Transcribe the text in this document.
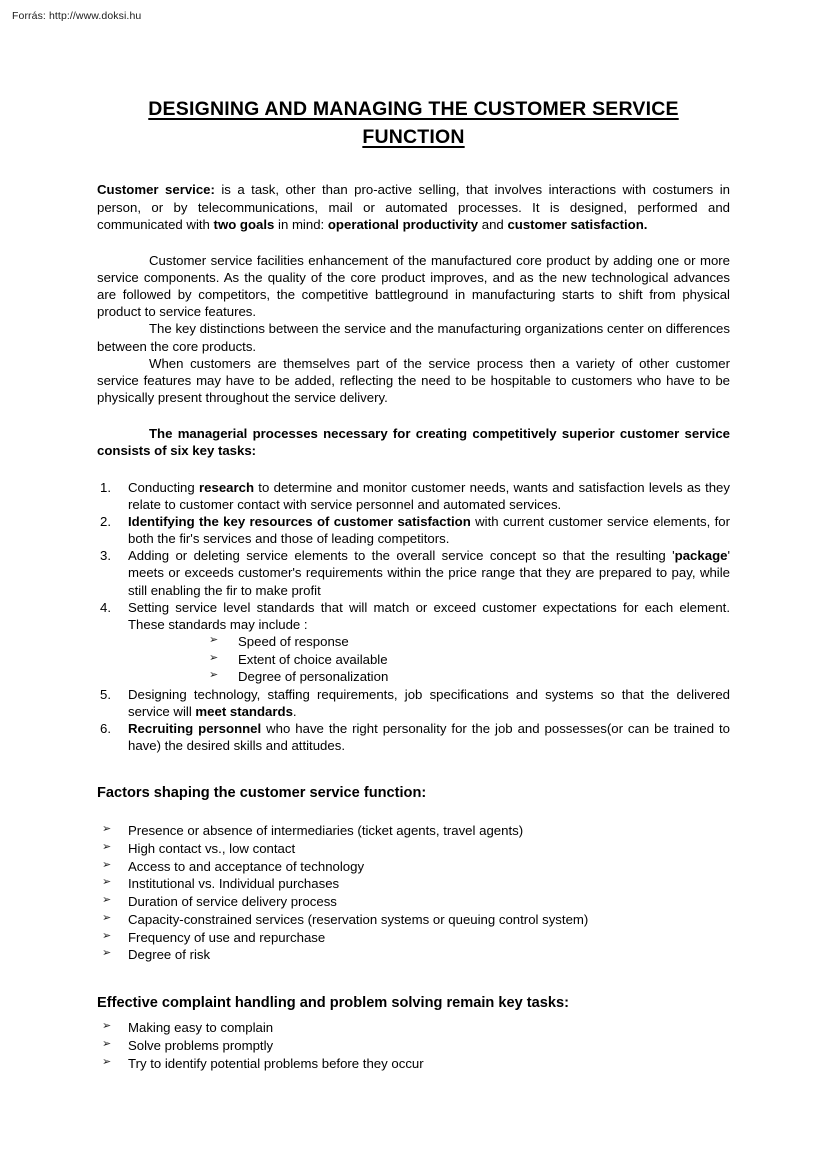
Forrás: http://www.doksi.hu
DESIGNING AND MANAGING THE CUSTOMER SERVICE
FUNCTION

Customer service: is a task, other than pro-active selling, that involves interactions with costumers in person, or by telecommunications, mail or automated processes. It is designed, performed and communicated with two goals in mind: operational productivity and customer satisfaction.

Customer service facilities enhancement of the manufactured core product by adding one or more service components. As the quality of the core product improves, and as the new technological advances are followed by competitors, the competitive battleground in manufacturing starts to shift from physical product to service features.

The key distinctions between the service and the manufacturing organizations center on differences between the core products.

When customers are themselves part of the service process then a variety of other customer service features may have to be added, reflecting the need to be hospitable to customers who have to be physically present throughout the service delivery.

The managerial processes necessary for creating competitively superior customer service consists of six key tasks:

1.	Conducting research to determine and monitor customer needs, wants and satisfaction levels as they relate to customer contact with service personnel and automated services.
2.	Identifying the key resources of customer satisfaction with current customer service elements, for both the fir's services and those of leading competitors.
3.	Adding or deleting service elements to the overall service concept so that the resulting 'package' meets or exceeds customer's requirements within the price range that they are prepared to pay, while still enabling the fir to make profit
4.	Setting service level standards that will match or exceed customer expectations for each element. These standards may include :
➢ Speed of response
➢ Extent of choice available
➢ Degree of personalization
5.	Designing technology, staffing requirements, job specifications and systems so that the delivered service will meet standards.
6.	Recruiting personnel who have the right personality for the job and possesses(or can be trained to have) the desired skills and attitudes.
Factors shaping the customer service function:
➢ Presence or absence of intermediaries (ticket agents, travel agents)
➢ High contact vs., low contact
➢ Access to and acceptance of technology
➢ Institutional vs. Individual purchases
➢ Duration of service delivery process
➢ Capacity-constrained services (reservation systems or queuing control system)
➢ Frequency of use and repurchase
➢ Degree of risk
Effective complaint handling and problem solving remain key tasks:
➢ Making easy to complain
➢ Solve problems promptly
➢ Try to identify potential problems before they occur
